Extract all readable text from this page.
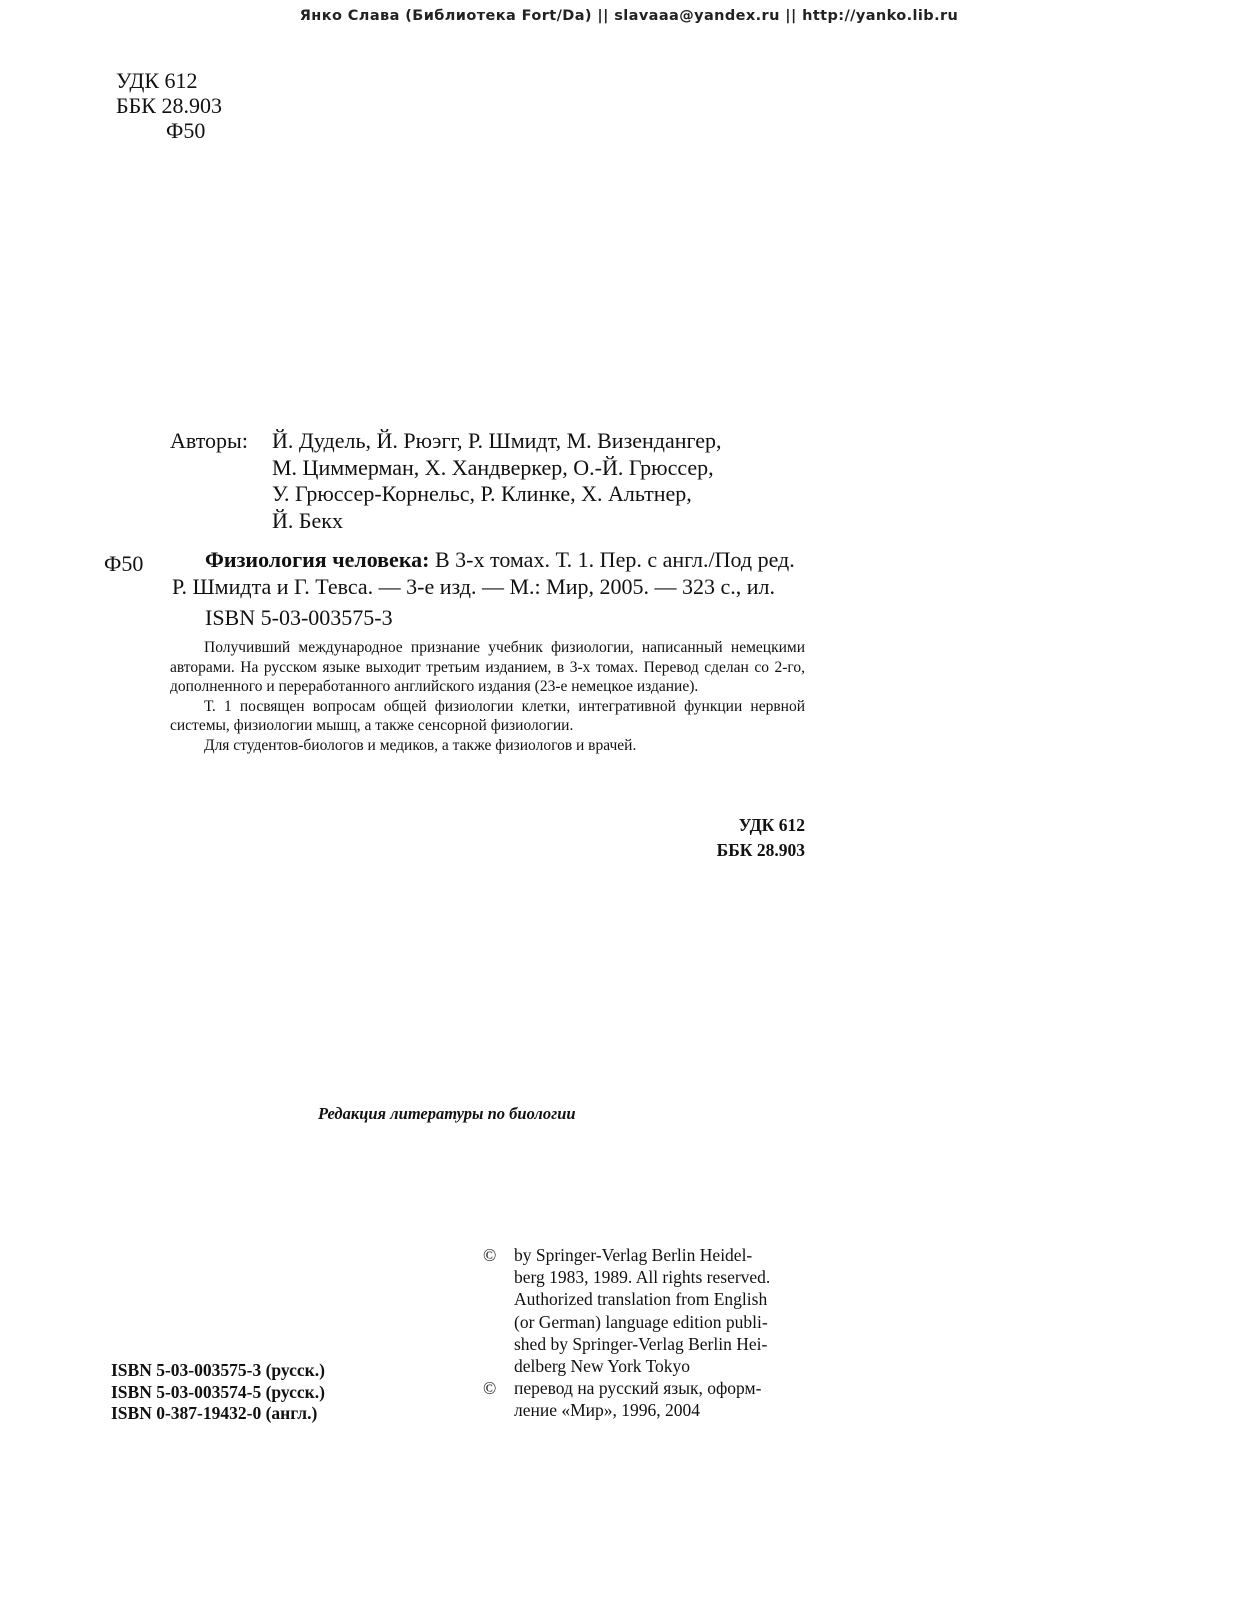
Янко Слава (Библиотека Fort/Da) || slavaaa@yandex.ru || http://yanko.lib.ru
УДК 612
ББК 28.903
Ф50
Авторы: Й. Дудель, Й. Рюэгг, Р. Шмидт, М. Визендангер,
М. Циммерман, Х. Хандверкер, О.-Й. Грюссер,
У. Грюссер-Корнельс, Р. Клинке, Х. Альтнер,
Й. Бекх
Ф50	Физиология человека: В 3-х томах. Т. 1. Пер. с англ./Под ред.
Р. Шмидта и Г. Тевса. — 3-е изд. — М.: Мир, 2005. — 323 с., ил.
ISBN 5-03-003575-3

Получивший международное признание учебник физиологии, написанный немецкими авторами. На русском языке выходит третьим изданием, в 3-х томах. Перевод сделан со 2-го, дополненного и переработанного английского издания (23-е немецкое издание).

Т. 1 посвящен вопросам общей физиологии клетки, интегративной функции нервной системы, физиологии мышц, а также сенсорной физиологии.

Для студентов-биологов и медиков, а также физиологов и врачей.

УДК 612
ББК 28.903
Редакция литературы по биологии
ISBN 5-03-003575-3 (русск.)
ISBN 5-03-003574-5 (русск.)
ISBN 0-387-19432-0 (англ.)
© by Springer-Verlag Berlin Heidel-
berg 1983, 1989. All rights reserved.
Authorized translation from English
(or German) language edition publi-
shed by Springer-Verlag Berlin Hei-
delberg New York Tokyo
© перевод на русский язык, оформ-
ление «Мир», 1996, 2004
